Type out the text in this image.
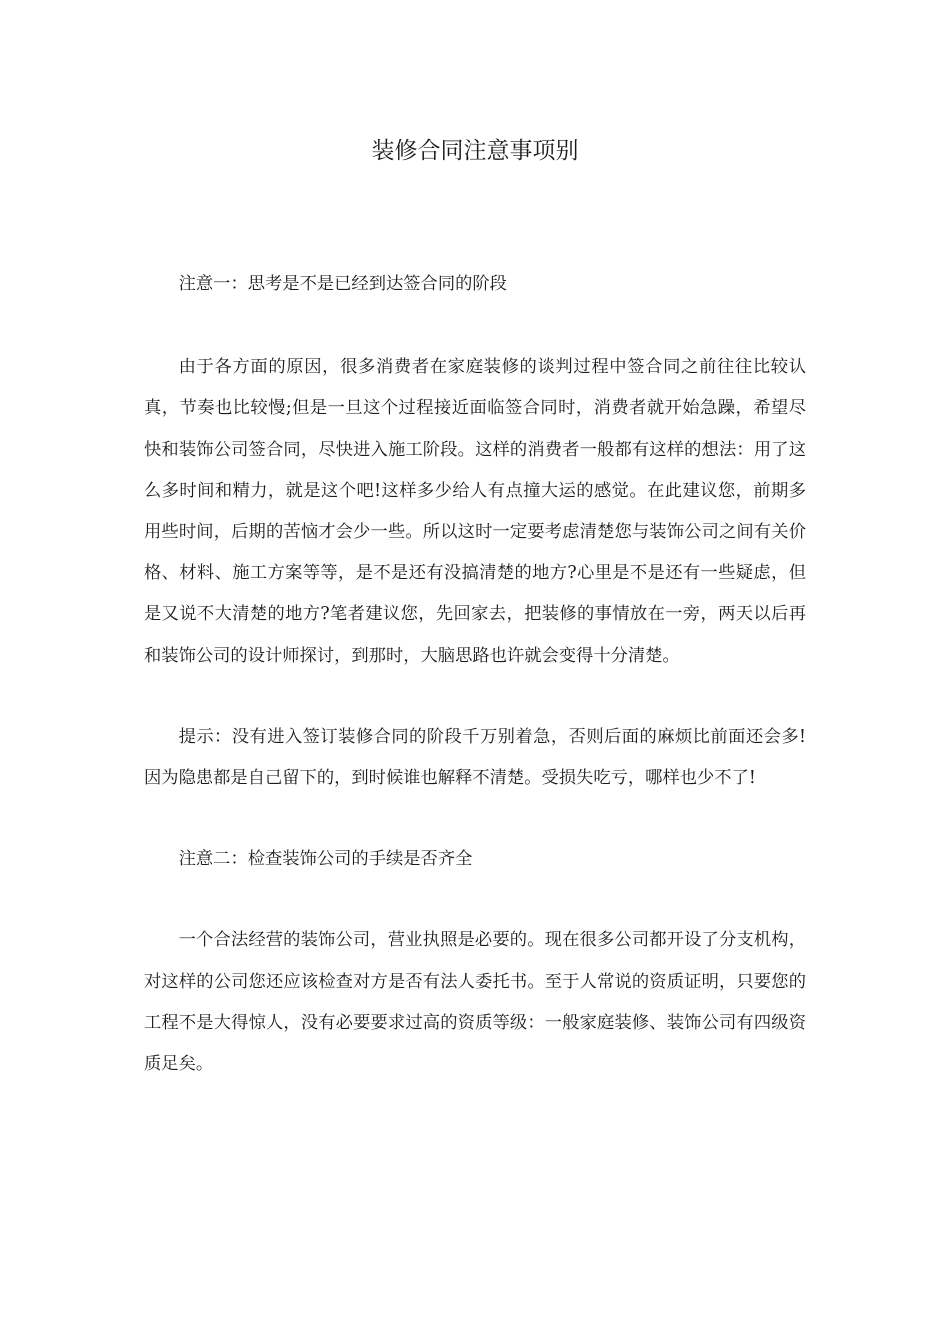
装修合同注意事项别

注意一：思考是不是已经到达签合同的阶段

由于各方面的原因，很多消费者在家庭装修的谈判过程中签合同之前往往比较认真，节奏也比较慢;但是一旦这个过程接近面临签合同时，消费者就开始急躁，希望尽快和装饰公司签合同，尽快进入施工阶段。这样的消费者一般都有这样的想法：用了这么多时间和精力，就是这个吧!这样多少给人有点撞大运的感觉。在此建议您，前期多用些时间，后期的苦恼才会少一些。所以这时一定要考虑清楚您与装饰公司之间有关价格、材料、施工方案等等，是不是还有没搞清楚的地方?心里是不是还有一些疑虑，但是又说不大清楚的地方?笔者建议您，先回家去，把装修的事情放在一旁，两天以后再和装饰公司的设计师探讨，到那时，大脑思路也许就会变得十分清楚。

提示：没有进入签订装修合同的阶段千万别着急，否则后面的麻烦比前面还会多!因为隐患都是自己留下的，到时候谁也解释不清楚。受损失吃亏，哪样也少不了!

注意二：检查装饰公司的手续是否齐全

一个合法经营的装饰公司，营业执照是必要的。现在很多公司都开设了分支机构，对这样的公司您还应该检查对方是否有法人委托书。至于人常说的资质证明，只要您的工程不是大得惊人，没有必要要求过高的资质等级：一般家庭装修、装饰公司有四级资质足矣。
